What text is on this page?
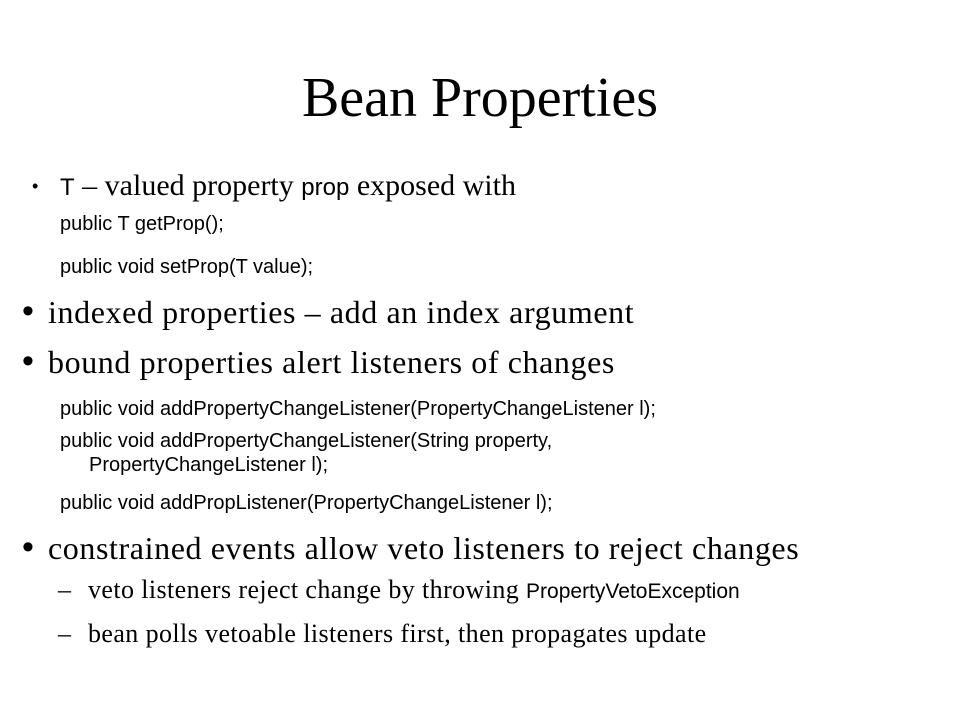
Bean Properties
• T – valued property prop exposed with
public T getProp();
public void setProp(T value);
• indexed properties – add an index argument
• bound properties alert listeners of changes
public void addPropertyChangeListener(PropertyChangeListener l);
public void addPropertyChangeListener(String property,
PropertyChangeListener l);
public void addPropListener(PropertyChangeListener l);
• constrained events allow veto listeners to reject changes
– veto listeners reject change by throwing PropertyVetoException
– bean polls vetoable listeners first, then propagates update
